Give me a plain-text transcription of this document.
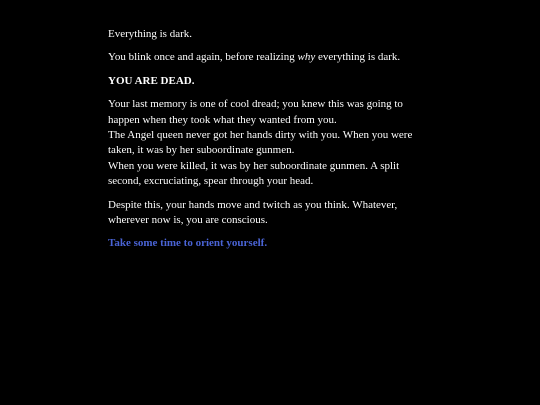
Everything is dark.

You blink once and again, before realizing why everything is dark.

YOU ARE DEAD.

Your last memory is one of cool dread; you knew this was going to happen when they took what they wanted from you.
The Angel queen never got her hands dirty with you. When you were taken, it was by her suboordinate gunmen.
When you were killed, it was by her suboordinate gunmen. A split second, excruciating, spear through your head.

Despite this, your hands move and twitch as you think. Whatever, wherever now is, you are conscious.

Take some time to orient yourself.
